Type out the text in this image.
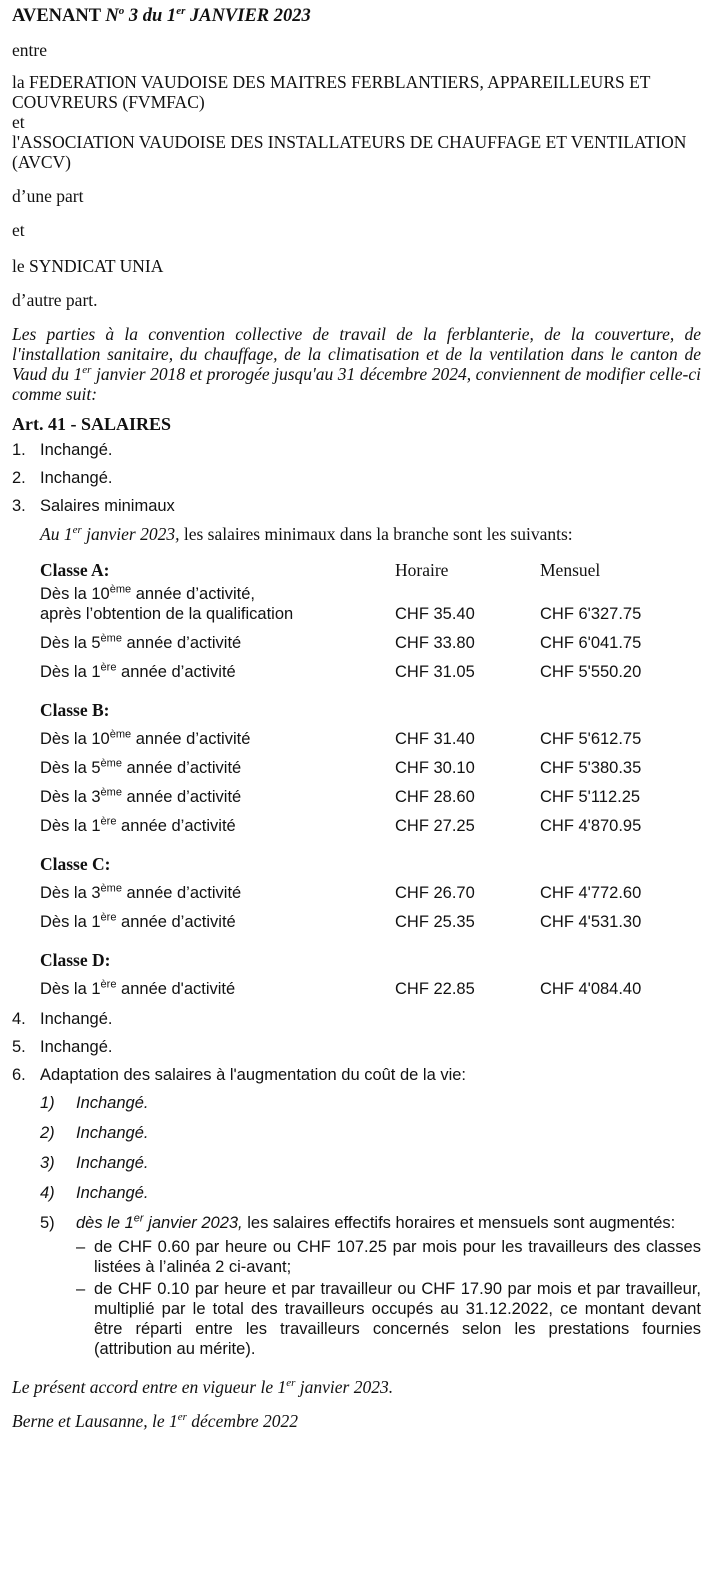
AVENANT $N^o$ 3 du 1er JANVIER 2023

entre

la FEDERATION VAUDOISE DES MAITRES FERBLANTIERS, APPAREILLEURS ET COUVREURS (FVMFAC)

et

l'ASSOCIATION VAUDOISE DES INSTALLATEURS DE CHAUFFAGE ET VENTILATION (AVCV)

d’une part

et

le SYNDICAT UNIA

d’autre part.

Les parties à la convention collective de travail de la ferblanterie, de la couverture, de l'installation sanitaire, du chauffage, de la climatisation et de la ventilation dans le canton de Vaud du 1er janvier 2018 et prorogée jusqu'au 31 décembre 2024, conviennent de modifier celle-ci comme suit:

Art. 41 - SALAIRES

1. Inchangé.
2. Inchangé.
3. Salaires minimaux

Au 1er janvier 2023, les salaires minimaux dans la branche sont les suivants:

Classe A:	Horaire	Mensuel
Dès la 10ème année d’activité,
après l’obtention de la qualification	CHF 35.40	CHF 6'327.75
Dès la 5ème année d’activité	CHF 33.80	CHF 6'041.75
Dès la 1ère année d’activité	CHF 31.05	CHF 5'550.20

Classe B:		
Dès la 10ème année d’activité	CHF 31.40	CHF 5'612.75
Dès la 5ème année d’activité	CHF 30.10	CHF 5'380.35
Dès la 3ème année d’activité	CHF 28.60	CHF 5'112.25
Dès la 1ère année d’activité	CHF 27.25	CHF 4'870.95

Classe C:		
Dès la 3ème année d’activité	CHF 26.70	CHF 4'772.60
Dès la 1ère année d’activité	CHF 25.35	CHF 4'531.30

Classe D:		
Dès la 1ère année d'activité	CHF 22.85	CHF 4'084.40
4. Inchangé.
5. Inchangé.
6. Adaptation des salaires à l'augmentation du coût de la vie:
1)	Inchangé.
2)	Inchangé.
3)	Inchangé.
4)	Inchangé.
5)	dès le 1er janvier 2023, les salaires effectifs horaires et mensuels sont augmentés:
– de CHF 0.60 par heure ou CHF 107.25 par mois pour les travailleurs des classes listées à l’alinéa 2 ci-avant;
– de CHF 0.10 par heure et par travailleur ou CHF 17.90 par mois et par travailleur, multiplié par le total des travailleurs occupés au 31.12.2022, ce montant devant être réparti entre les travailleurs concernés selon les prestations fournies (attribution au mérite).

Le présent accord entre en vigueur le 1er janvier 2023.

Berne et Lausanne, le 1er décembre 2022
